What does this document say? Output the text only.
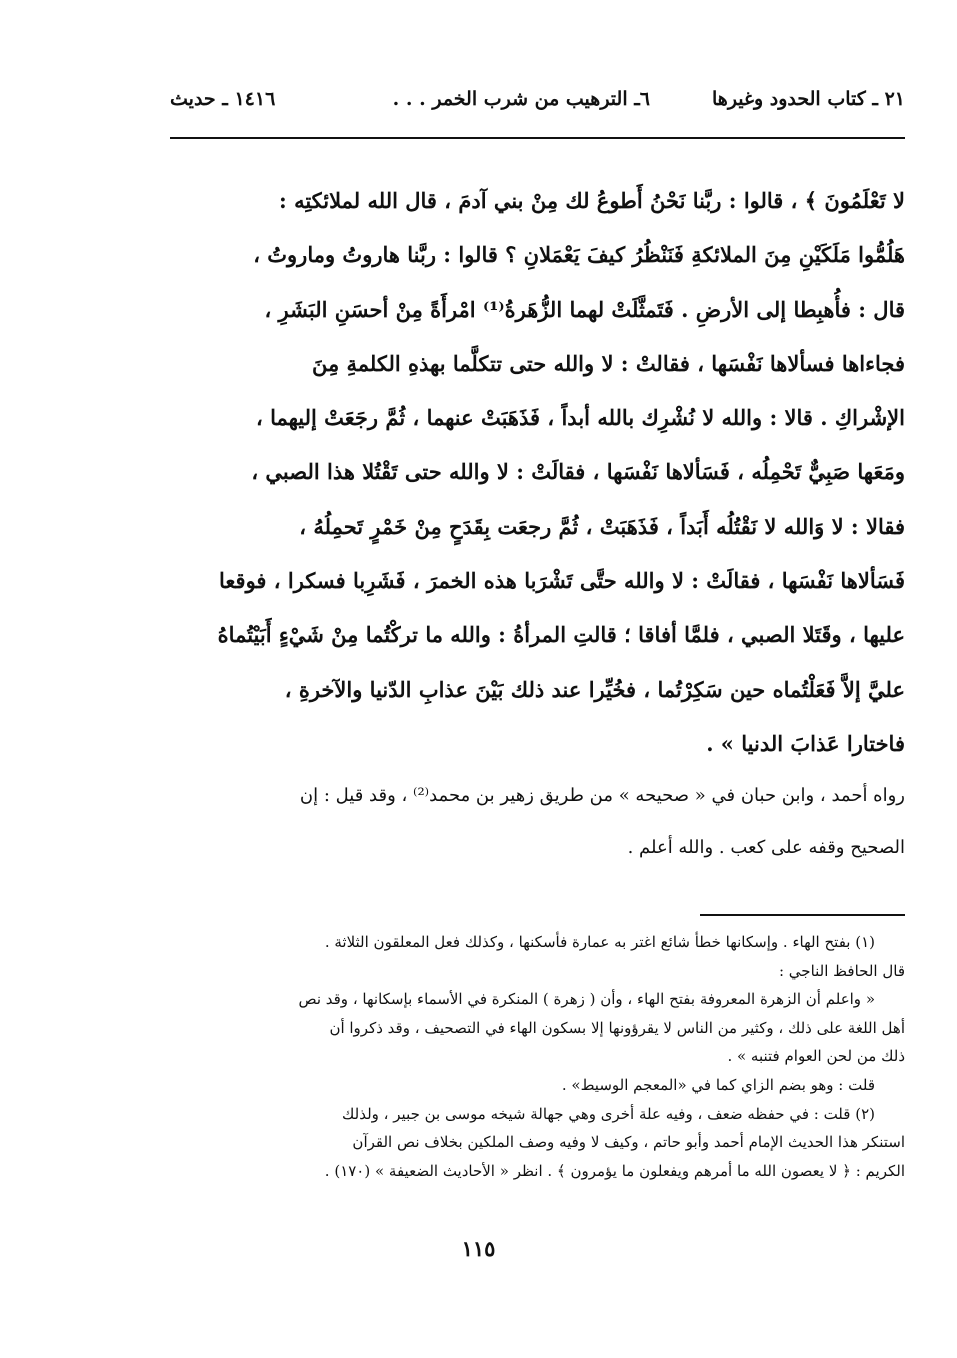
٢١ ـ كتاب الحدود وغيرها
٦ـ الترهيب من شرب الخمر . . .
١٤١٦ ـ حديث
لا تَعْلَمُونَ ﴾ ، قالوا : ربَّنا نَحْنُ أَطوعُ لك مِنْ بني آدمَ ، قال الله لملائكتِه :
هَلُمُّوا مَلَكَيْنِ مِنَ الملائكةِ فَنَنْظُرُ كيفَ يَعْمَلانِ ؟ قالوا : ربَّنا هاروتُ وماروتُ ،
قال : فأُهبِطا إلى الأرضِ . فَتَمثَّلَتْ لهما الزُّهَرةُ⁽¹⁾ امْرأَةً مِنْ أحسَنِ البَشَرِ ،
فجاءاها فسألاها نَفْسَها ، فقالتْ : لا والله حتى تتكلَّما بهذهِ الكلمةِ مِنَ
الإشْراكِ . قالا : والله لا نُشْرِك بالله أبداً ، فَذَهَبَتْ عنهما ، ثُمَّ رجَعَتْ إليهما ،
ومَعَها صَبِيٌّ تَحْمِلُه ، فَسَألاها نَفْسَها ، فقالَتْ : لا والله حتى تَقْتُلا هذا الصبي ،
فقالا : لا وَالله لا نَقْتُلُه أَبَداً ، فَذَهَبَتْ ، ثُمَّ رجعَت بِقَدَحٍ مِنْ خَمْرٍ تَحمِلُهُ ،
فَسَألاها نَفْسَها ، فقالَتْ : لا والله حتَّى تَشْرَبا هذه الخمرَ ، فَشَرِبا فسكرا ، فوقعا
عليها ، وقَتَلا الصبي ، فلمَّا أفاقا ؛ قالتِ المرأةُ : والله ما تركْتُما مِنْ شَيْءٍ أَبَيْتُماهُ
عليَّ إلاَّ فَعَلْتُماه حين سَكِرْتُما ، فخُيِّرا عند ذلك بَيْنَ عذابِ الدّنيا والآخرةِ ،
فاختارا عَذابَ الدنيا » .
رواه أحمد ، وابن حبان في « صحيحه » من طريق زهير بن محمد⁽²⁾ ، وقد قيل : إن
الصحيح وقفه على كعب . والله أعلم .
(١) بفتح الهاء . وإسكانها خطأ شائع اغتر به عمارة فأسكنها ، وكذلك فعل المعلقون الثلاثة .
قال الحافظ الناجي :
« واعلم أن الزهرة المعروفة بفتح الهاء ، وأن ( زهرة ) المنكرة في الأسماء بإسكانها ، وقد نص
أهل اللغة على ذلك ، وكثير من الناس لا يقرؤونها إلا بسكون الهاء في التصحيف ، وقد ذكروا أن
ذلك من لحن العوام فتنبه » .
قلت : وهو بضم الزاي كما في «المعجم الوسيط» .
(٢) قلت : في حفظه ضعف ، وفيه علة أخرى وهي جهالة شيخه موسى بن جبير ، ولذلك
استنكر هذا الحديث الإمام أحمد وأبو حاتم ، وكيف لا وفيه وصف الملكين بخلاف نص القرآن
الكريم : ﴿ لا يعصون الله ما أمرهم ويفعلون ما يؤمرون ﴾ . انظر « الأحاديث الضعيفة » (١٧٠) .
١١٥
